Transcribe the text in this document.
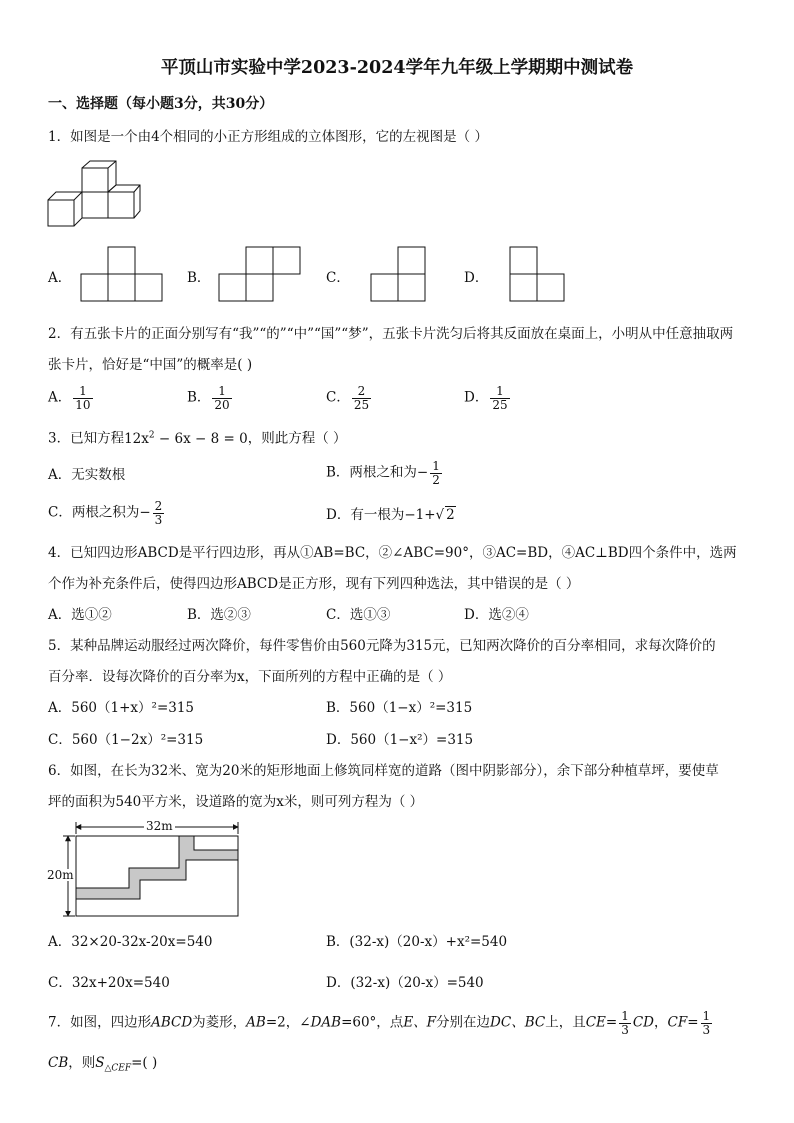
平顶山市实验中学2023-2024学年九年级上学期期中测试卷
一、选择题（每小题3分，共30分）
1．如图是一个由4个相同的小正方形组成的立体图形，它的左视图是（ ）
A．	B．	C．	D．
2．有五张卡片的正面分别写有“我”“的”“中”“国”“梦”，五张卡片洗匀后将其反面放在桌面上，小明从中任意抽取两
张卡片，恰好是“中国”的概率是( )
A． $\frac{1}{10}$	B． $\frac{1}{20}$	C． $\frac{2}{25}$	D． $\frac{1}{25}$
3．已知方程$12x^2 - 6x - 8 = 0$，则此方程（ ）
A．无实数根	B．两根之和为− $\frac{1}{2}$
C．两根之积为− $\frac{2}{3}$	D．有一根为−1+√ 2
4．已知四边形ABCD是平行四边形，再从①AB=BC，②∠ABC=90°，③AC=BD，④AC⊥BD四个条件中，选两
个作为补充条件后，使得四边形ABCD是正方形，现有下列四种选法，其中错误的是（ ）
A．选①②	B．选②③	C．选①③	D．选②④
5．某种品牌运动服经过两次降价，每件零售价由560元降为315元，已知两次降价的百分率相同，求每次降价的
百分率．设每次降价的百分率为x，下面所列的方程中正确的是（ ）
A．560（1+x）²=315	B．560（1−x）²=315
C．560（1−2x）²=315	D．560（1−x²）=315
6．如图，在长为32米、宽为20米的矩形地面上修筑同样宽的道路（图中阴影部分），余下部分种植草坪，要使草
坪的面积为540平方米，设道路的宽为x米，则可列方程为（ ）
32m
20m
A．32×20-32x-20x=540	B．(32-x)（20-x）+x²=540
C．32x+20x=540	D．(32-x)（20-x）=540
7．如图，四边形ABCD为菱形，AB=2，∠DAB=60°，点E、F分别在边DC、BC上，且$CE= \frac{1}{3}$ CD，$CF= \frac{1}{3}$
CB，则$S_{\triangle CEF}=$( )
